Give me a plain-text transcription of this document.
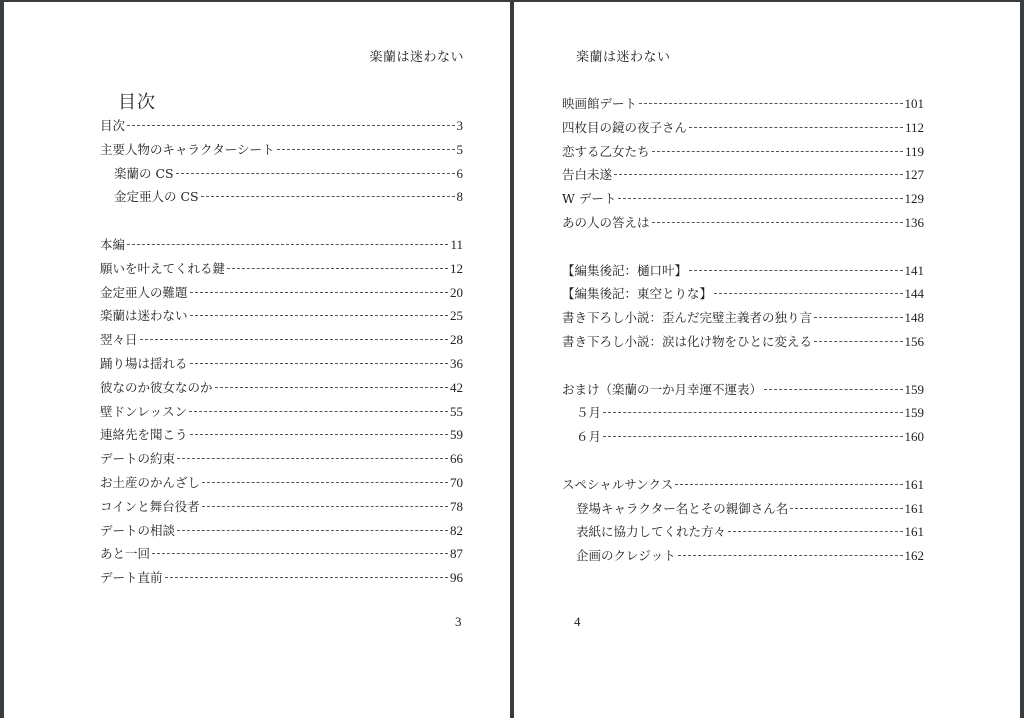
楽蘭は迷わない
目次
目次	3
主要人物のキャラクターシート	5
楽蘭の CS	6
金定亜人の CS	8
本編	11
願いを叶えてくれる鍵	12
金定亜人の難題	20
楽蘭は迷わない	25
翌々日	28
踊り場は揺れる	36
彼なのか彼女なのか	42
壁ドンレッスン	55
連絡先を聞こう	59
デートの約束	66
お土産のかんざし	70
コインと舞台役者	78
デートの相談	82
あと一回	87
デート直前	96
3
楽蘭は迷わない
映画館デート	101
四枚目の鏡の夜子さん	112
恋する乙女たち	119
告白未遂	127
W デート	129
あの人の答えは	136
【編集後記：樋口叶】	141
【編集後記：東空とりな】	144
書き下ろし小説：歪んだ完璧主義者の独り言	148
書き下ろし小説：涙は化け物をひとに変える	156
おまけ（楽蘭の一か月幸運不運表）	159
５月	159
６月	160
スペシャルサンクス	161
登場キャラクター名とその親御さん名	161
表紙に協力してくれた方々	161
企画のクレジット	162
4
